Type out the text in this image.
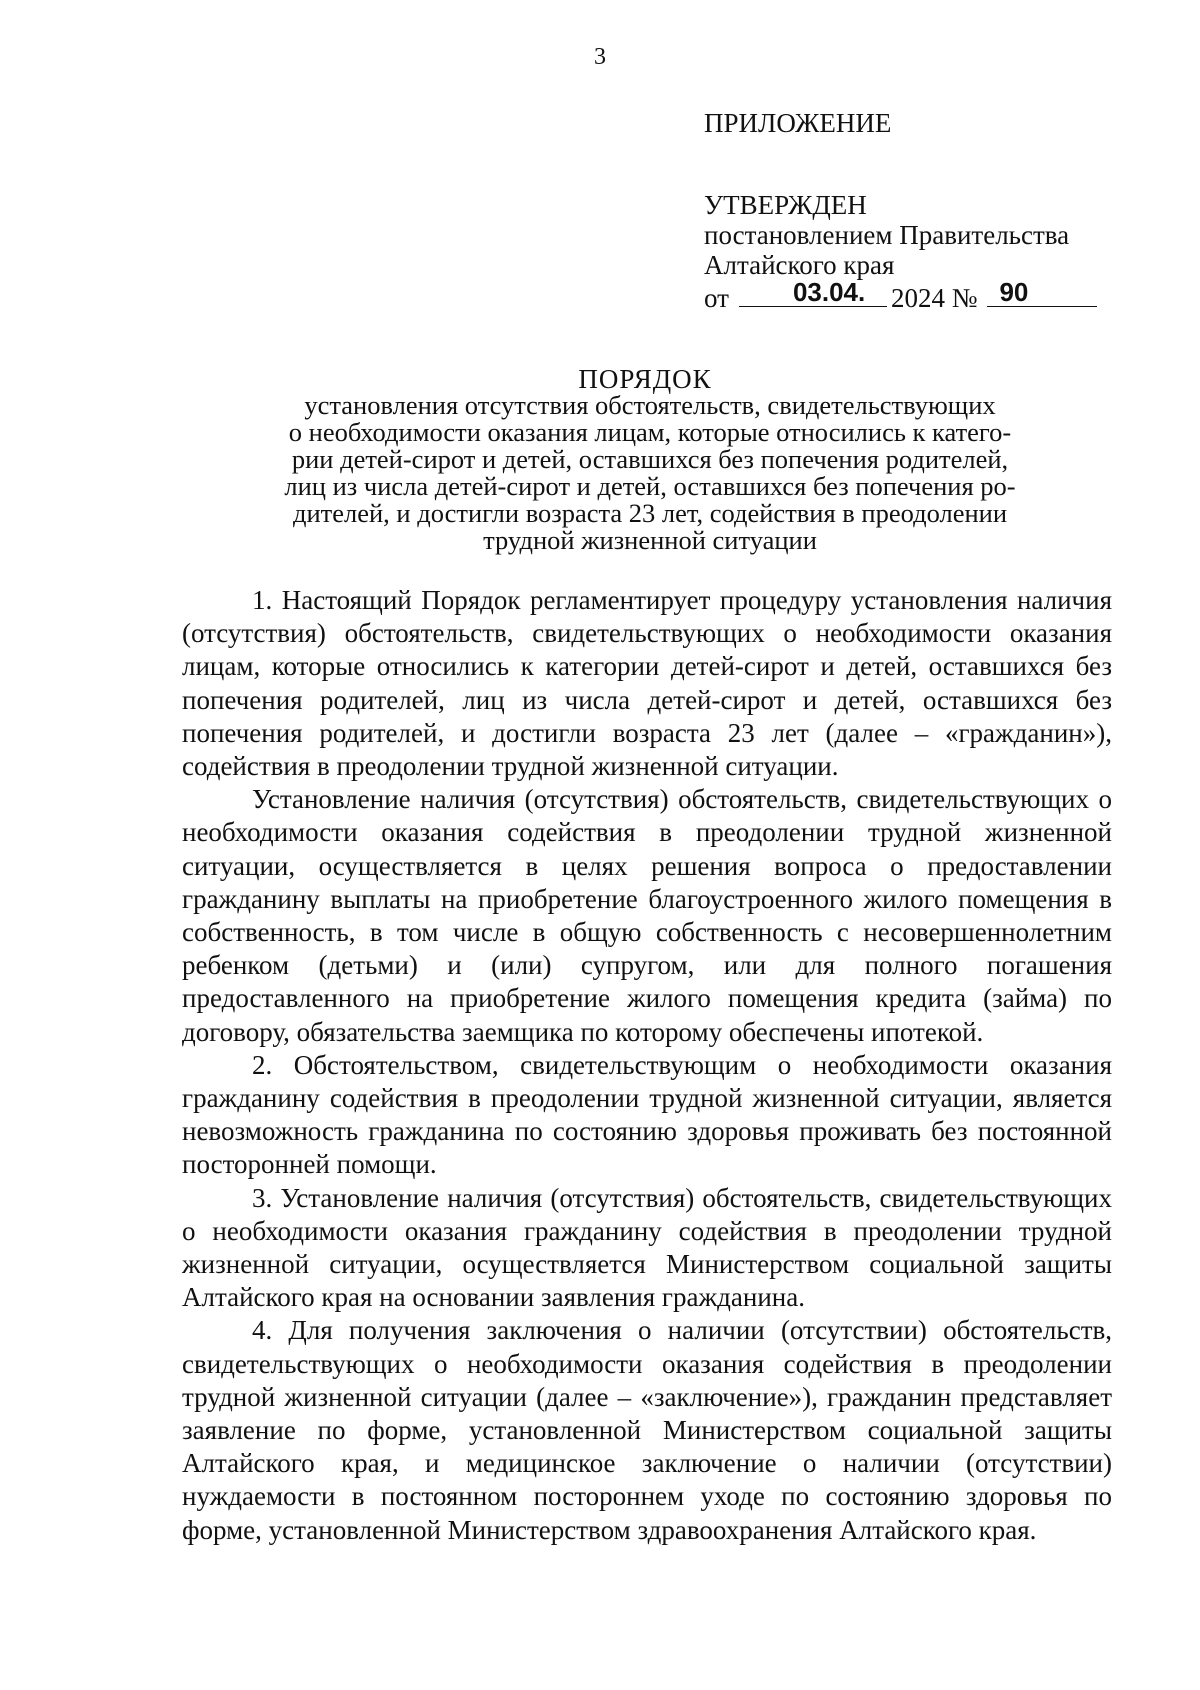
3
ПРИЛОЖЕНИЕ
УТВЕРЖДЕН
постановлением Правительства
Алтайского края
от 03.04. 2024 № 90
ПОРЯДОК
установления отсутствия обстоятельств, свидетельствующих
о необходимости оказания лицам, которые относились к катего-
рии детей-сирот и детей, оставшихся без попечения родителей,
лиц из числа детей-сирот и детей, оставшихся без попечения ро-
дителей, и достигли возраста 23 лет, содействия в преодолении
трудной жизненной ситуации

1. Настоящий Порядок регламентирует процедуру установления наличия (отсутствия) обстоятельств, свидетельствующих о необходимости оказания лицам, которые относились к категории детей-сирот и детей, оставшихся без попечения родителей, лиц из числа детей-сирот и детей, оставшихся без попечения родителей, и достигли возраста 23 лет (далее – «гражданин»), содействия в преодолении трудной жизненной ситуации.

Установление наличия (отсутствия) обстоятельств, свидетельствующих о необходимости оказания содействия в преодолении трудной жизненной ситуации, осуществляется в целях решения вопроса о предоставлении гражданину выплаты на приобретение благоустроенного жилого помещения в собственность, в том числе в общую собственность с несовершеннолетним ребенком (детьми) и (или) супругом, или для полного погашения предоставленного на приобретение жилого помещения кредита (займа) по договору, обязательства заемщика по которому обеспечены ипотекой.

2. Обстоятельством, свидетельствующим о необходимости оказания гражданину содействия в преодолении трудной жизненной ситуации, является невозможность гражданина по состоянию здоровья проживать без постоянной посторонней помощи.

3. Установление наличия (отсутствия) обстоятельств, свидетельствующих о необходимости оказания гражданину содействия в преодолении трудной жизненной ситуации, осуществляется Министерством социальной защиты Алтайского края на основании заявления гражданина.

4. Для получения заключения о наличии (отсутствии) обстоятельств, свидетельствующих о необходимости оказания содействия в преодолении трудной жизненной ситуации (далее – «заключение»), гражданин представляет заявление по форме, установленной Министерством социальной защиты Алтайского края, и медицинское заключение о наличии (отсутствии) нуждаемости в постоянном постороннем уходе по состоянию здоровья по форме, установленной Министерством здравоохранения Алтайского края.
